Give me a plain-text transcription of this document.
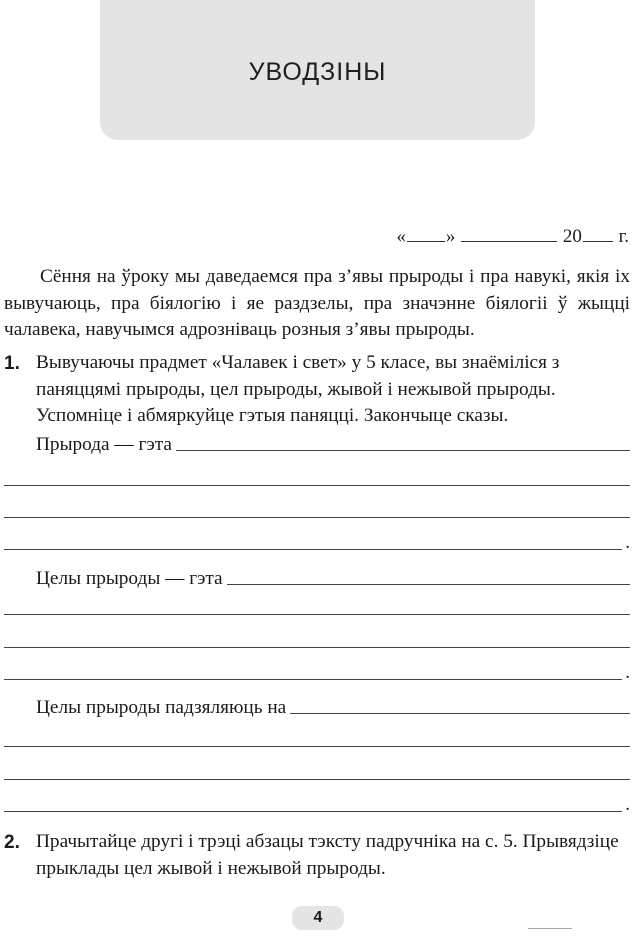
УВОДЗІНЫ
« »	20 г.
Сёння на ўроку мы даведаемся пра з’явы прыроды і пра навукі, якія іх вывучаюць, пра біялогію і яе раздзелы, пра значэнне біялогіі ў жыцці чалавека, навучымся адрозніваць розныя з’явы прыроды.
1. Вывучаючы прадмет «Чалавек і свет» у 5 класе, вы знаёміліся з паняццямі прыроды, цел прыроды, жывой і нежывой прыроды. Успомніце і абмяркуйце гэтыя паняцці. Закончыце сказы.
Прырода — гэта
.
Целы прыроды — гэта
.
Целы прыроды падзяляюць на
.
2. Прачытайце другі і трэці абзацы тэксту падручніка на с. 5. Прывядзіце прыклады цел жывой і нежывой прыроды.
4
